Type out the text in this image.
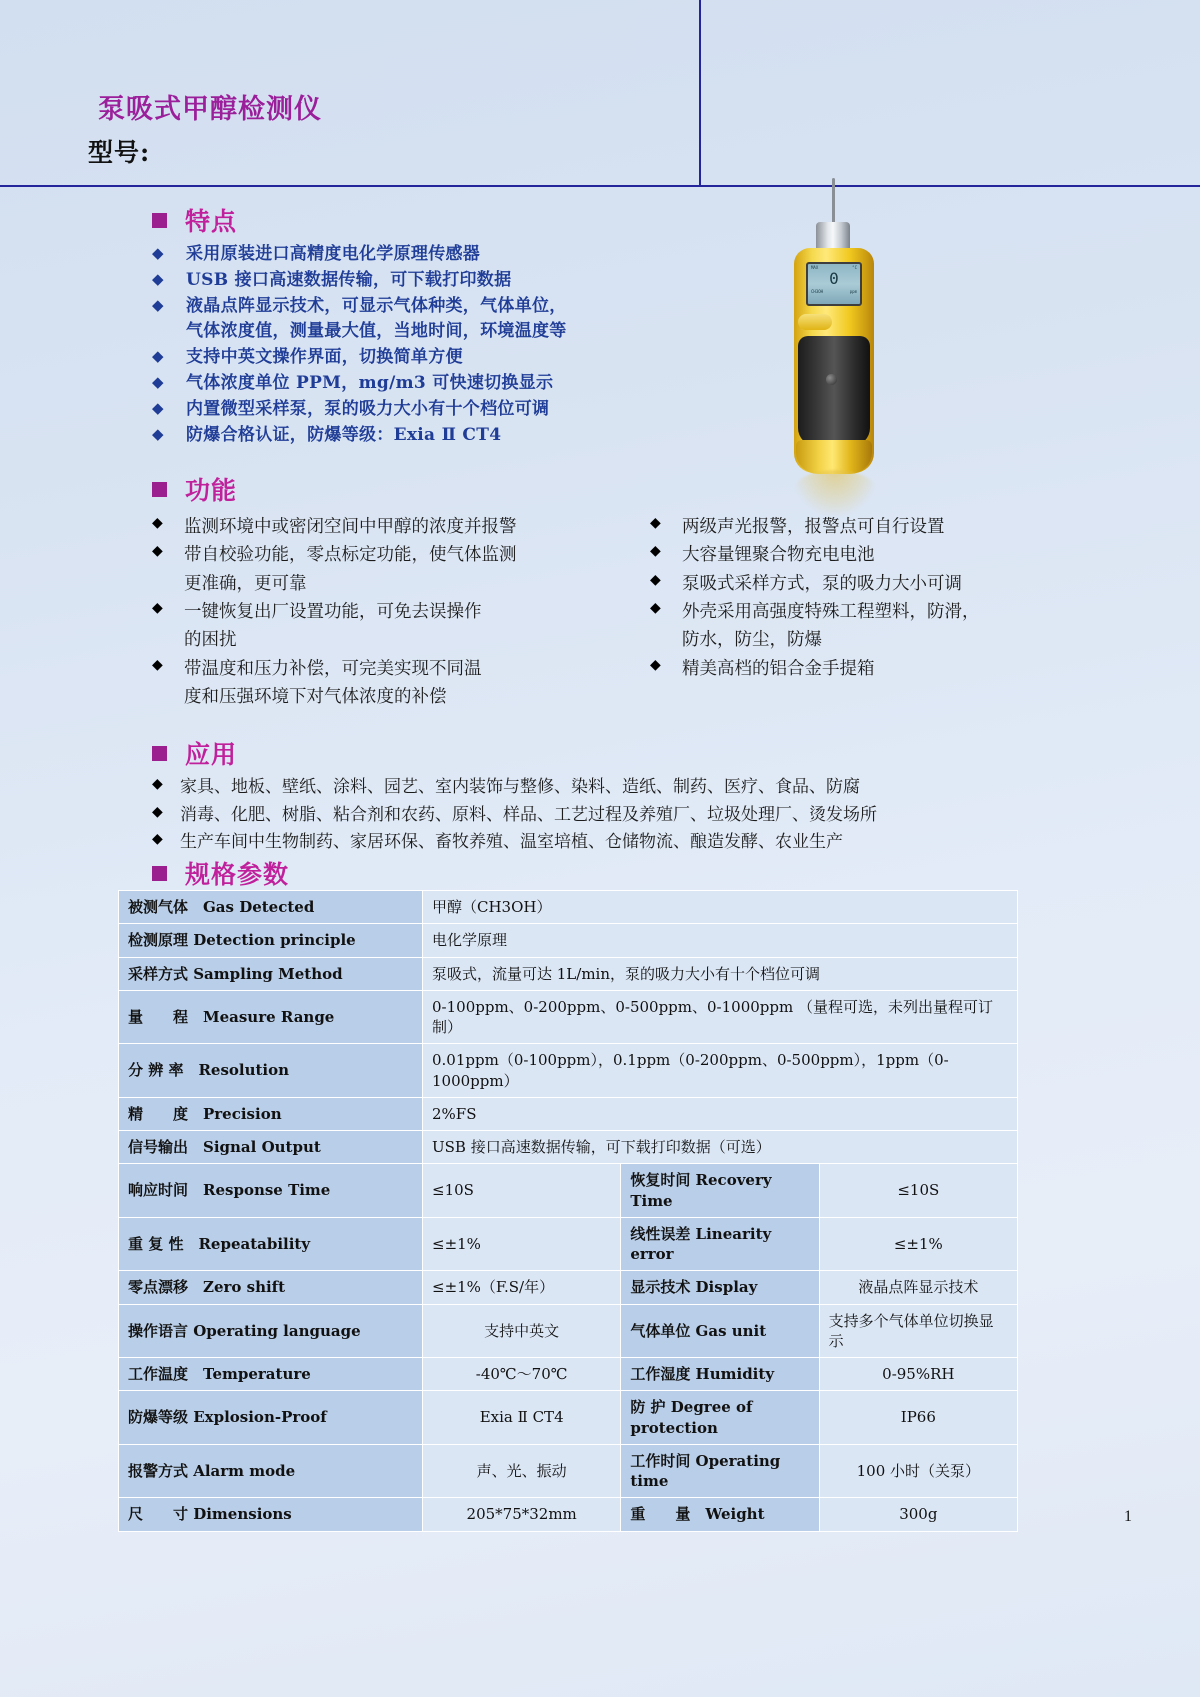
泵吸式甲醇检测仪
型号:
MAX	°C
0
CH3OH	ppm
特点
◆	采用原装进口高精度电化学原理传感器
◆	USB 接口高速数据传输，可下载打印数据
◆	液晶点阵显示技术，可显示气体种类，气体单位，
气体浓度值，测量最大值，当地时间，环境温度等
◆	支持中英文操作界面，切换简单方便
◆	气体浓度单位 PPM，mg/m3 可快速切换显示
◆	内置微型采样泵，泵的吸力大小有十个档位可调
◆	防爆合格认证，防爆等级：Exia Ⅱ CT4
功能
◆	监测环境中或密闭空间中甲醇的浓度并报警
◆	带自校验功能，零点标定功能，使气体监测
更准确，更可靠
◆	一键恢复出厂设置功能，可免去误操作
的困扰
◆	带温度和压力补偿，可完美实现不同温
度和压强环境下对气体浓度的补偿
◆	两级声光报警，报警点可自行设置
◆	大容量锂聚合物充电电池
◆	泵吸式采样方式，泵的吸力大小可调
◆	外壳采用高强度特殊工程塑料，防滑，
防水，防尘，防爆
◆	精美高档的铝合金手提箱
应用
◆	家具、地板、壁纸、涂料、园艺、室内装饰与整修、染料、造纸、制药、医疗、食品、防腐
◆	消毒、化肥、树脂、粘合剂和农药、原料、样品、工艺过程及养殖厂、垃圾处理厂、烫发场所
◆	生产车间中生物制药、家居环保、畜牧养殖、温室培植、仓储物流、酿造发酵、农业生产
规格参数
被测气体　Gas Detected	甲醇（CH3OH）		
检测原理 Detection principle	电化学原理		
采样方式 Sampling Method	泵吸式，流量可达 1L/min，泵的吸力大小有十个档位可调		
量　　程　Measure Range	0-100ppm、0-200ppm、0-500ppm、0-1000ppm （量程可选，未列出量程可订制）		
分 辨 率　Resolution	0.01ppm（0-100ppm），0.1ppm（0-200ppm、0-500ppm），1ppm（0-1000ppm）		
精　　度　Precision	2%FS		
信号输出　Signal Output	USB 接口高速数据传输，可下载打印数据（可选）		
响应时间　Response Time	≤10S	恢复时间 Recovery Time	≤10S
重 复 性　Repeatability	≤±1%	线性误差 Linearity error	≤±1%
零点漂移　Zero shift	≤±1%（F.S/年）	显示技术 Display	液晶点阵显示技术
操作语言 Operating language	支持中英文	气体单位 Gas unit	支持多个气体单位切换显示
工作温度　Temperature	-40℃～70℃	工作湿度 Humidity	0-95%RH
防爆等级 Explosion-Proof	Exia Ⅱ CT4	防 护 Degree of protection	IP66
报警方式 Alarm mode	声、光、振动	工作时间 Operating time	100 小时（关泵）
尺　　寸 Dimensions	205*75*32mm	重　　量　Weight	300g	1
